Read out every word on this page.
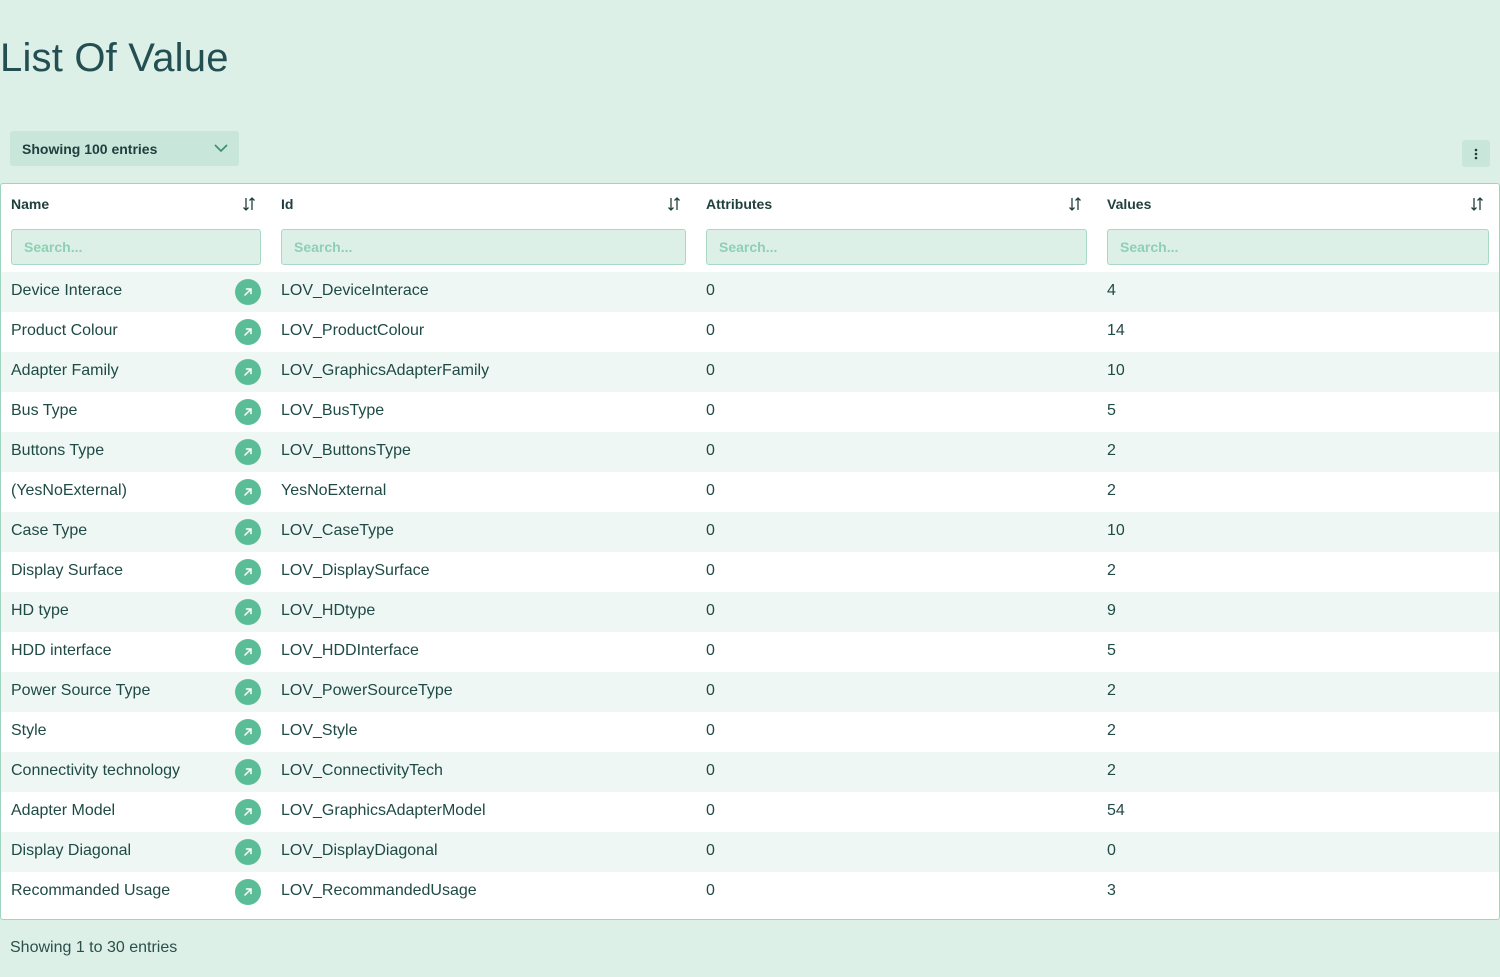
List Of Value
Showing 100 entries
Name	Id	Attributes	Values
Search...
Search...
Search...
Search...
Device Interace	LOV_DeviceInterace	0	4
Product Colour	LOV_ProductColour	0	14
Adapter Family	LOV_GraphicsAdapterFamily	0	10
Bus Type	LOV_BusType	0	5
Buttons Type	LOV_ButtonsType	0	2
(YesNoExternal)	YesNoExternal	0	2
Case Type	LOV_CaseType	0	10
Display Surface	LOV_DisplaySurface	0	2
HD type	LOV_HDtype	0	9
HDD interface	LOV_HDDInterface	0	5
Power Source Type	LOV_PowerSourceType	0	2
Style	LOV_Style	0	2
Connectivity technology	LOV_ConnectivityTech	0	2
Adapter Model	LOV_GraphicsAdapterModel	0	54
Display Diagonal	LOV_DisplayDiagonal	0	0
Recommanded Usage	LOV_RecommandedUsage	0	3
Showing 1 to 30 entries
